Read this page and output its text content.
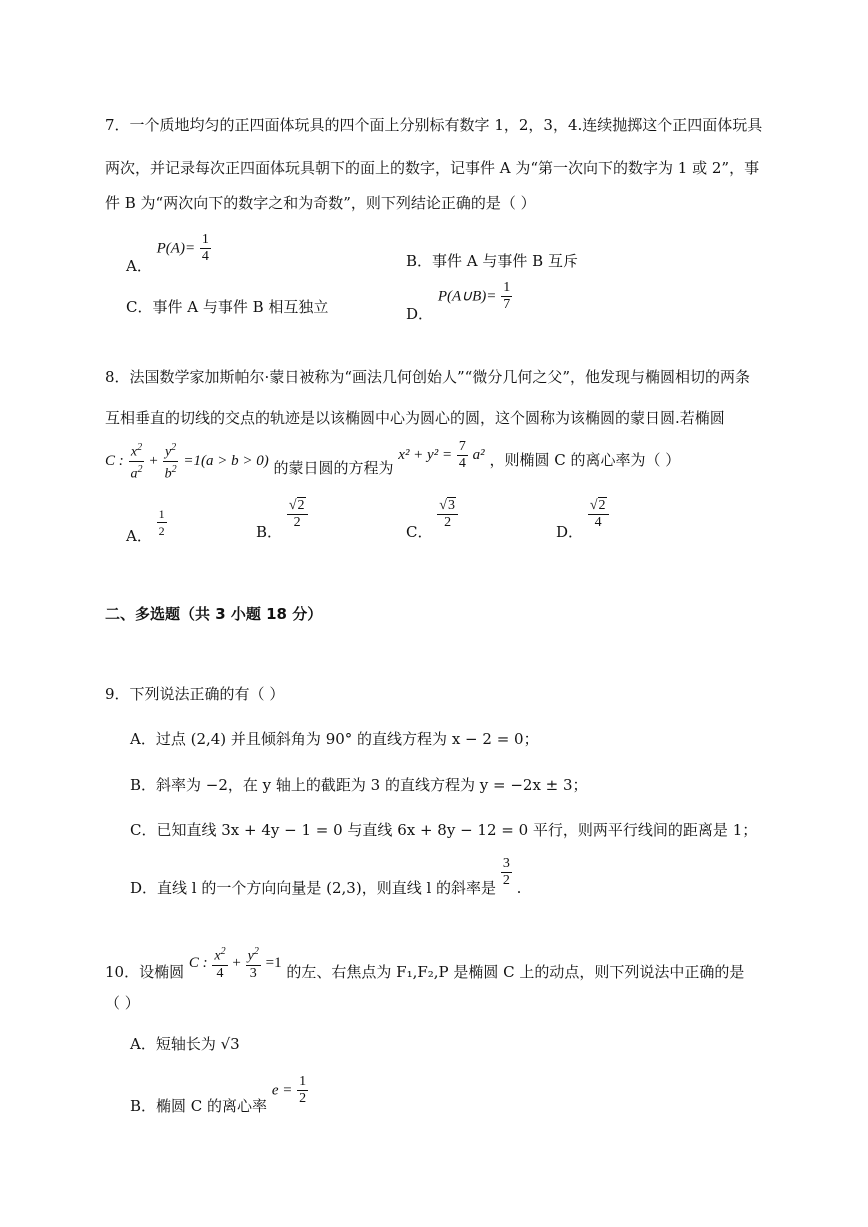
7．一个质地均匀的正四面体玩具的四个面上分别标有数字 1，2，3，4.连续抛掷这个正四面体玩具
两次，并记录每次正四面体玩具朝下的面上的数字，记事件 A 为“第一次向下的数字为 1 或 2”，事
件 B 为“两次向下的数字之和为奇数”，则下列结论正确的是（ ）
A． $P(A)= \frac{1}{4}$	B．事件 A 与事件 B 互斥
C．事件 A 与事件 B 相互独立	D． P(A∪B)= $\frac{1}{7}$
8．法国数学家加斯帕尔·蒙日被称为“画法几何创始人”“微分几何之父”，他发现与椭圆相切的两条
互相垂直的切线的交点的轨迹是以该椭圆中心为圆心的圆，这个圆称为该椭圆的蒙日圆.若椭圆
C : $\frac{x^2}{a^2} + \frac{y^2}{b^2} =1(a > b > 0)$ 的蒙日圆的方程为 $x^2 + y^2 = \frac{7}{4} a^2$ ，则椭圆 C 的离心率为（ ）
A． $\frac{1}{2}$	B．
$\frac{√2}{2}$
C．
$\frac{√3}{2}$
D．
$\frac{√2}{4}$
二、多选题（共 3 小题 18 分）
9．下列说法正确的有（ ）
A．过点 (2,4) 并且倾斜角为 90° 的直线方程为 x − 2 = 0；
B．斜率为 −2，在 y 轴上的截距为 3 的直线方程为 y = −2x ± 3；
C．已知直线 3x + 4y − 1 = 0 与直线 6x + 8y − 12 = 0 平行，则两平行线间的距离是 1；
D．直线 l 的一个方向向量是 (2,3)，则直线 l 的斜率是 $\frac{3}{2}$ .
10．设椭圆 C : $\frac{x^2}{4} + \frac{y^2}{3} =1$ 的左、右焦点为 F₁,F₂,P 是椭圆 C 上的动点，则下列说法中正确的是
（ ）
A．短轴长为 √3
B．椭圆 C 的离心率 $e = \frac{1}{2}$
